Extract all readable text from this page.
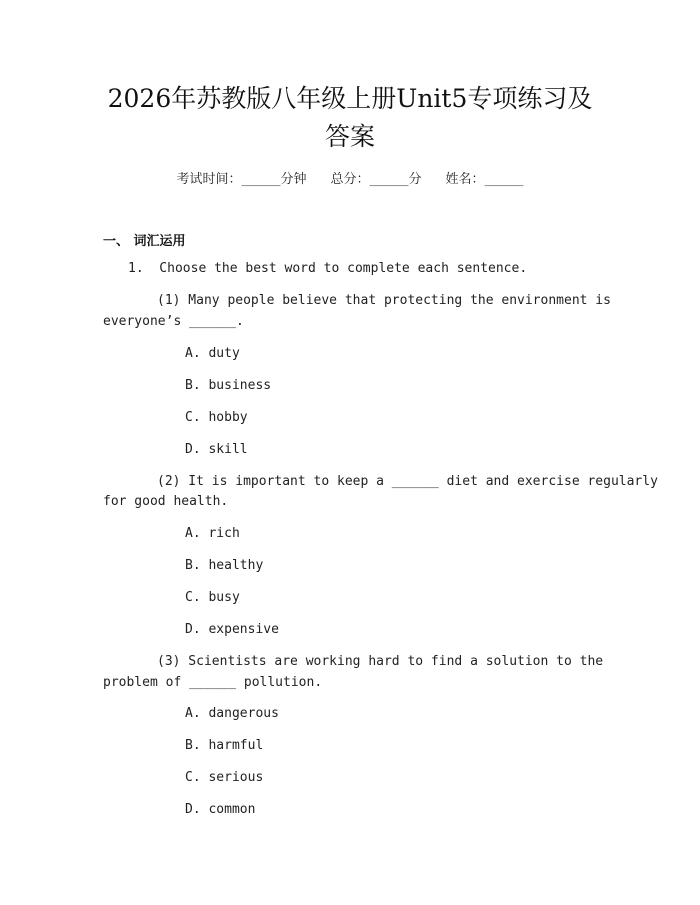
2026年苏教版八年级上册Unit5专项练习及
答案
考试时间：______分钟 总分：______分 姓名：______
一、 词汇运用
1.  Choose the best word to complete each sentence.
(1) Many people believe that protecting the environment is
everyone’s ______.
A. duty
B. business
C. hobby
D. skill
(2) It is important to keep a ______ diet and exercise regularly
for good health.
A. rich
B. healthy
C. busy
D. expensive
(3) Scientists are working hard to find a solution to the
problem of ______ pollution.
A. dangerous
B. harmful
C. serious
D. common
